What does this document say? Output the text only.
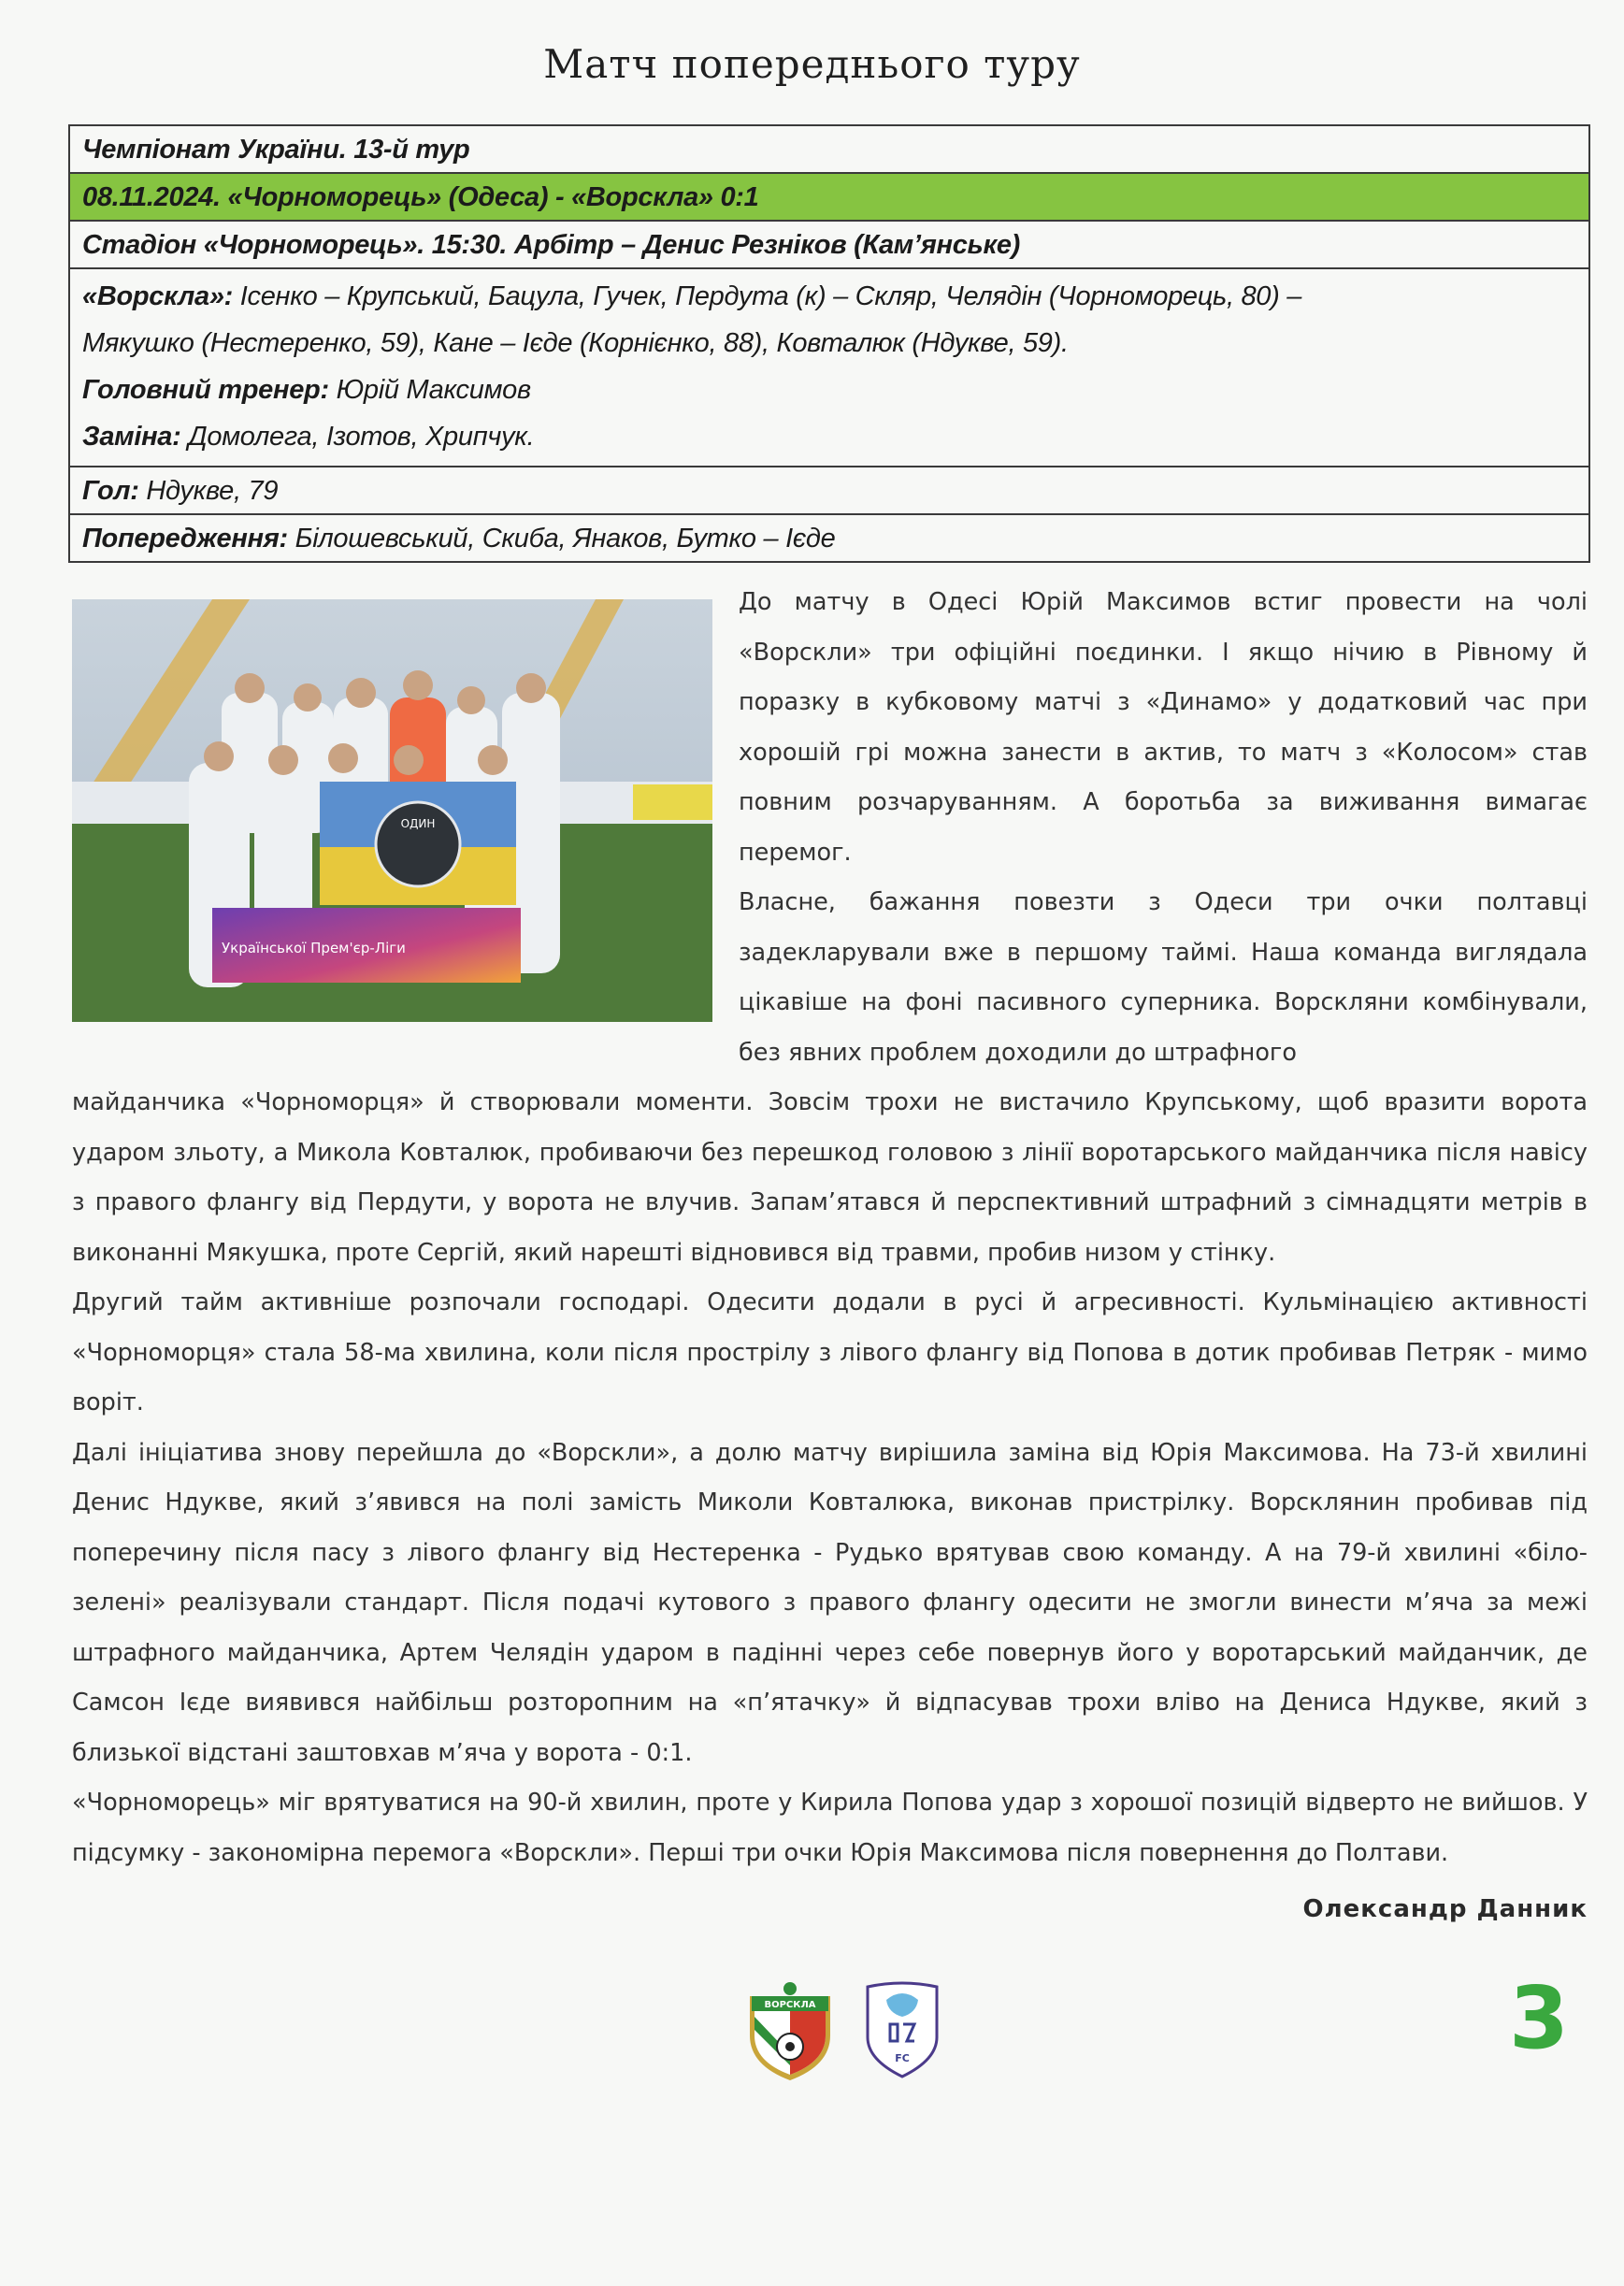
Матч попереднього туру
Чемпіонат України. 13-й тур
08.11.2024. «Чорноморець» (Одеса) - «Ворскла» 0:1
Стадіон «Чорноморець». 15:30. Арбітр – Денис Резніков (Кам’янське)
«Ворскла»: Ісенко – Крупський, Бацула, Гучек, Пердута (к) – Скляр, Челядін (Чорноморець, 80) –
Мякушко (Нестеренко, 59), Кане – Ієде (Корнієнко, 88), Ковталюк (Ндукве, 59).
Головний тренер: Юрій Максимов
Заміна: Домолега, Ізотов, Хрипчук.
Гол: Ндукве, 79
Попередження: Білошевський, Скиба, Янаков, Бутко – Ієде
ОДИН
Української Прем'єр-Ліги

До матчу в Одесі Юрій Максимов встиг провести на чолі «Ворскли» три офіційні поєдинки. І якщо нічию в Рівному й поразку в кубковому матчі з «Динамо» у додатковий час при хорошій грі можна занести в актив, то матч з «Колосом» став повним розчаруванням. А боротьба за виживання вимагає перемог.

Власне, бажання повезти з Одеси три очки полтавці задекларували вже в першому таймі. Наша команда виглядала цікавіше на фоні пасивного суперника. Ворскляни комбінували, без явних проблем доходили до штрафного

майданчика «Чорноморця» й створювали моменти. Зовсім трохи не вистачило Крупському, щоб вразити ворота ударом зльоту, а Микола Ковталюк, пробиваючи без перешкод головою з лінії воротарського майданчика після навісу з правого флангу від Пердути, у ворота не влучив. Запам’ятався й перспективний штрафний з сімнадцяти метрів в виконанні Мякушка, проте Сергій, який нарешті відновився від травми, пробив низом у стінку.

Другий тайм активніше розпочали господарі. Одесити додали в русі й агресивності. Кульмінацією активності «Чорноморця» стала 58-ма хвилина, коли після прострілу з лівого флангу від Попова в дотик пробивав Петряк - мимо воріт.

Далі ініціатива знову перейшла до «Ворскли», а долю матчу вирішила заміна від Юрія Максимова. На 73-й хвилині Денис Ндукве, який з’явився на полі замість Миколи Ковталюка, виконав пристрілку. Ворсклянин пробивав під поперечину після пасу з лівого флангу від Нестеренка - Рудько врятував свою команду. А на 79-й хвилині «біло-зелені» реалізували стандарт. Після подачі кутового з правого флангу одесити не змогли винести м’яча за межі штрафного майданчика, Артем Челядін ударом в падінні через себе повернув його у воротарський майданчик, де Самсон Ієде виявився найбільш розторопним на «п’ятачку» й відпасував трохи вліво на Дениса Ндукве, який з близької відстані заштовхав м’яча у ворота - 0:1.

«Чорноморець» міг врятуватися на 90-й хвилин, проте у Кирила Попова удар з хорошої позицій відверто не вийшов. У підсумку - закономірна перемога «Ворскли». Перші три очки Юрія Максимова після повернення до Полтави.

Олександр Данник
ВОРСКЛА
FC	3
